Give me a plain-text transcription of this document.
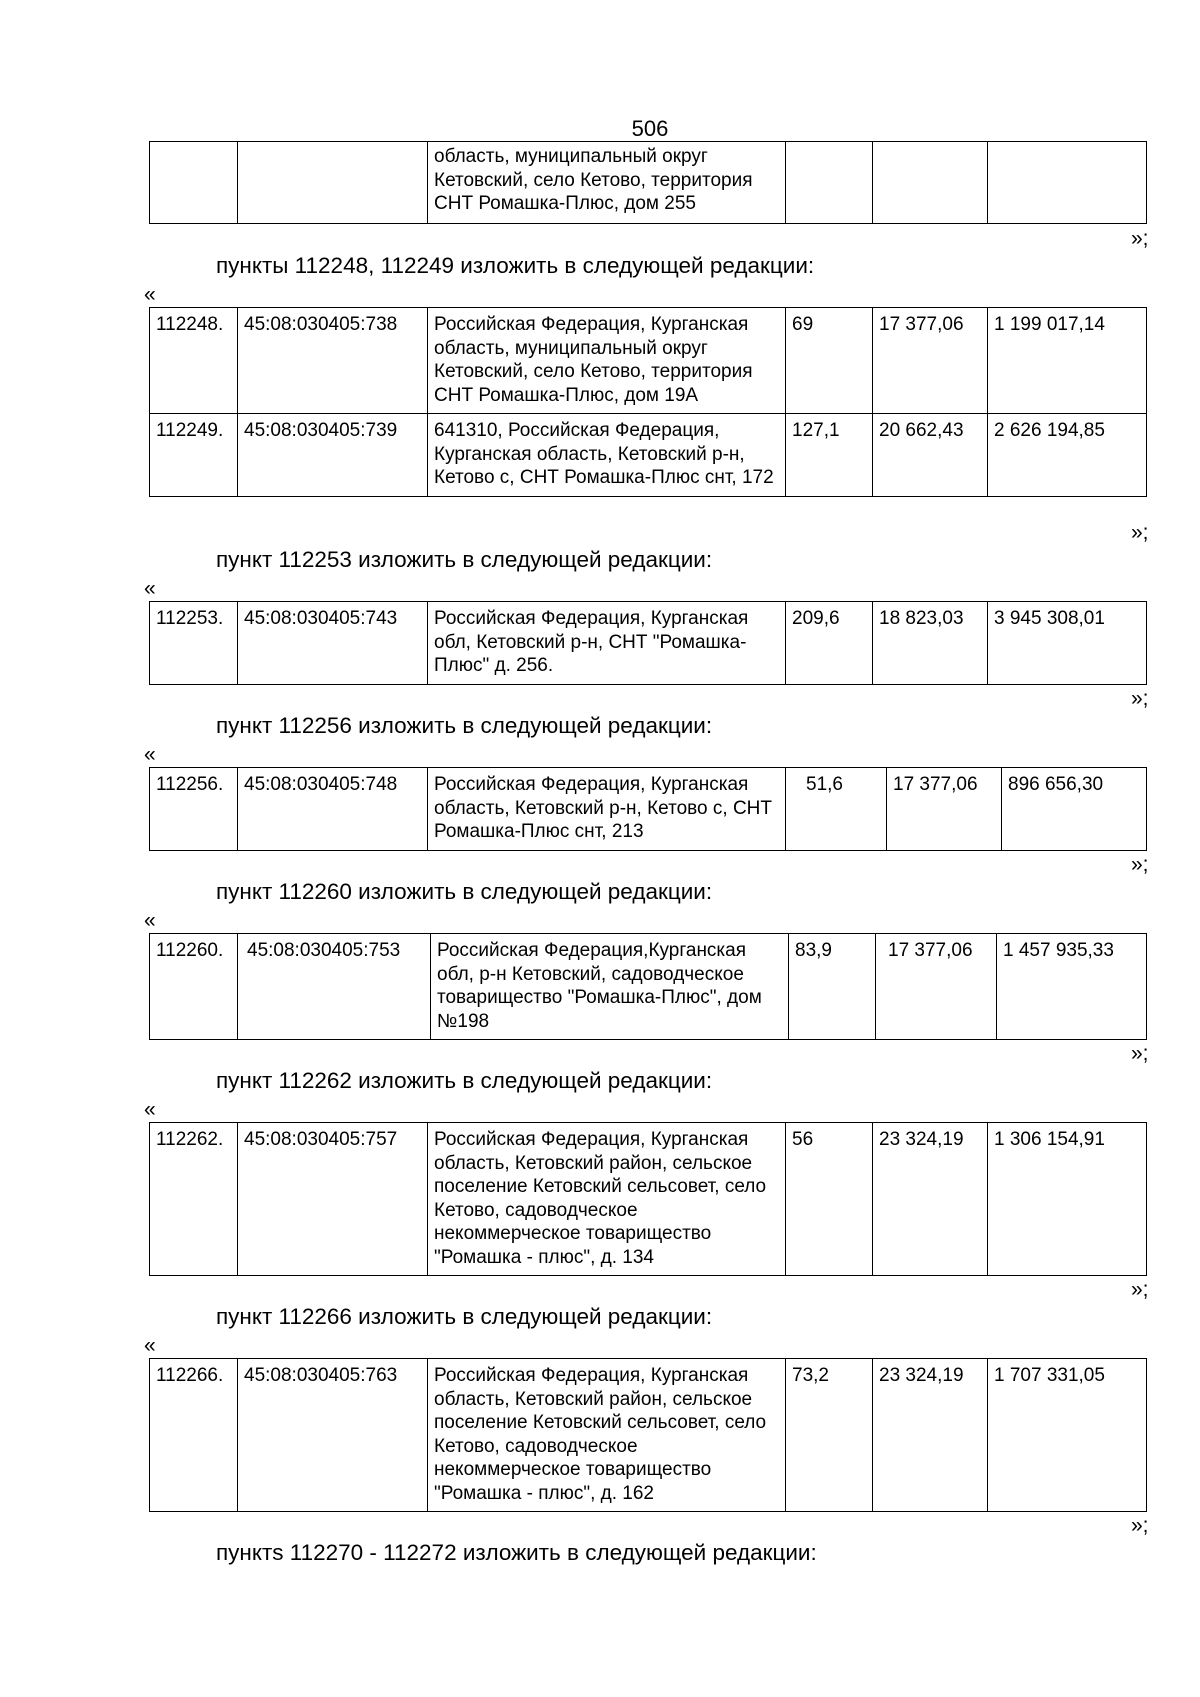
506
		область, муниципальный округ Кетовский, село Кетово, территория СНТ Ромашка-Плюс, дом 255			
»;
пункты 112248, 112249 изложить в следующей редакции:
«
112248.	45:08:030405:738	Российская Федерация, Курганская область, муниципальный округ Кетовский, село Кетово, территория СНТ Ромашка-Плюс, дом 19А	69	17 377,06	1 199 017,14
112249.	45:08:030405:739	641310, Российская Федерация, Курганская область, Кетовский р-н, Кетово с, СНТ Ромашка-Плюс снт, 172	127,1	20 662,43	2 626 194,85
»;
пункт 112253 изложить в следующей редакции:
«
112253.	45:08:030405:743	Российская Федерация, Курганская обл, Кетовский р-н, СНТ "Ромашка-Плюс" д. 256.	209,6	18 823,03	3 945 308,01
»;
пункт 112256 изложить в следующей редакции:
«
112256.	45:08:030405:748	Российская Федерация, Курганская область, Кетовский р-н, Кетово с, СНТ Ромашка-Плюс снт, 213	51,6	17 377,06	896 656,30
»;
пункт 112260 изложить в следующей редакции:
«
112260.	45:08:030405:753	Российская Федерация,Курганская обл, р-н Кетовский, садоводческое товарищество "Ромашка-Плюс", дом №198	83,9	17 377,06	1 457 935,33
»;
пункт 112262 изложить в следующей редакции:
«
112262.	45:08:030405:757	Российская Федерация, Курганская область, Кетовский район, сельское поселение Кетовский сельсовет, село Кетово, садоводческое некоммерческое товарищество "Ромашка - плюс", д. 134	56	23 324,19	1 306 154,91
»;
пункт 112266 изложить в следующей редакции:
«
112266.	45:08:030405:763	Российская Федерация, Курганская область, Кетовский район, сельское поселение Кетовский сельсовет, село Кетово, садоводческое некоммерческое товарищество "Ромашка - плюс", д. 162	73,2	23 324,19	1 707 331,05
»;
пунктs 112270 - 112272 изложить в следующей редакции:
